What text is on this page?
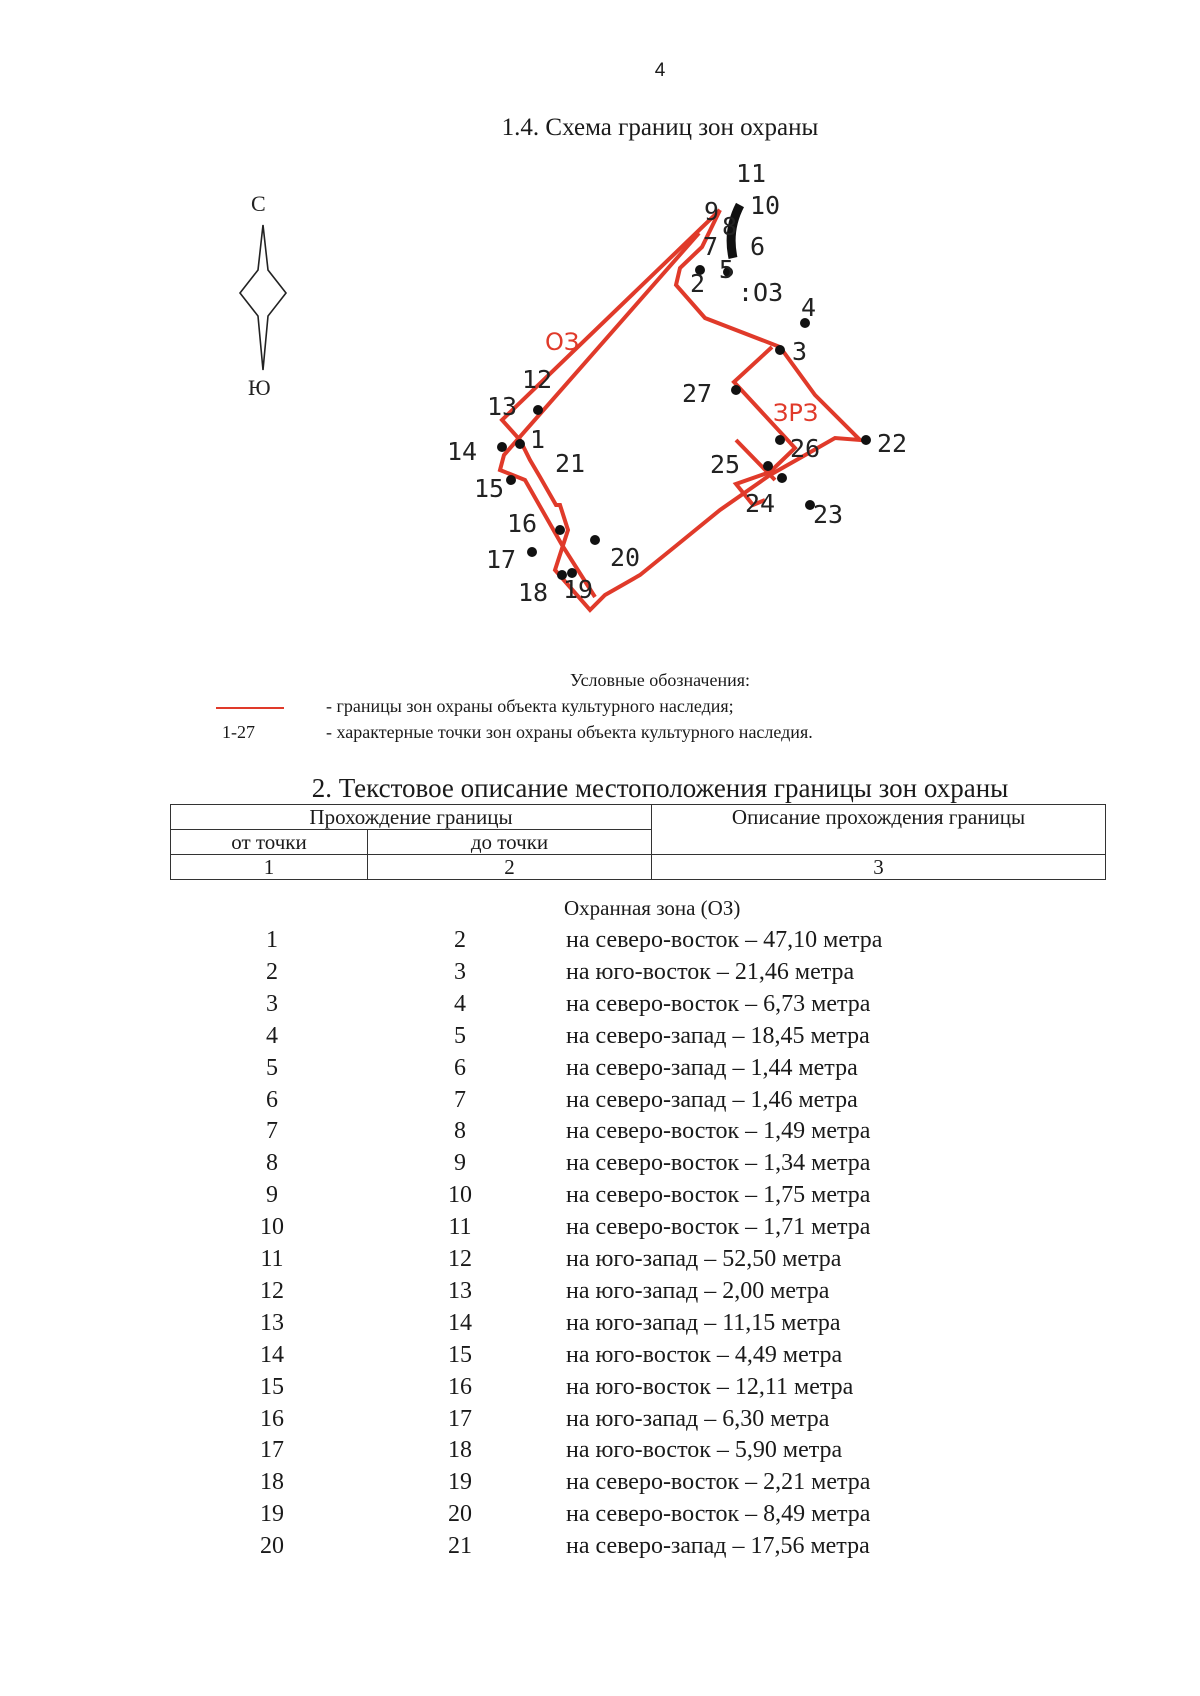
4
1.4. Схема границ зон охраны
С
Ю
ОЗ
ЗРЗ
:ОЗ
1
2
3
4
5
6
7
8
9 10
11
12
13
14
15
16
17
18 19
20
21
22
23
24
25
26
27
Условные обозначения:
- границы зон охраны объекта культурного наследия;
1-27	- характерные точки зон охраны объекта культурного наследия.
2. Текстовое описание местоположения границы зон охраны
Прохождение границы		Описание прохождения границы
от точки	до точки	
1	2	3
Охранная зона (ОЗ)
1	2	на северо-восток – 47,10 метра
2	3	на юго-восток – 21,46 метра
3	4	на северо-восток – 6,73 метра
4	5	на северо-запад – 18,45 метра
5	6	на северо-запад – 1,44 метра
6	7	на северо-запад – 1,46 метра
7	8	на северо-восток – 1,49 метра
8	9	на северо-восток – 1,34 метра
9	10	на северо-восток – 1,75 метра
10	11	на северо-восток – 1,71 метра
11	12	на юго-запад – 52,50 метра
12	13	на юго-запад – 2,00 метра
13	14	на юго-запад – 11,15 метра
14	15	на юго-восток – 4,49 метра
15	16	на юго-восток – 12,11 метра
16	17	на юго-запад – 6,30 метра
17	18	на юго-восток – 5,90 метра
18	19	на северо-восток – 2,21 метра
19	20	на северо-восток – 8,49 метра
20	21	на северо-запад – 17,56 метра
